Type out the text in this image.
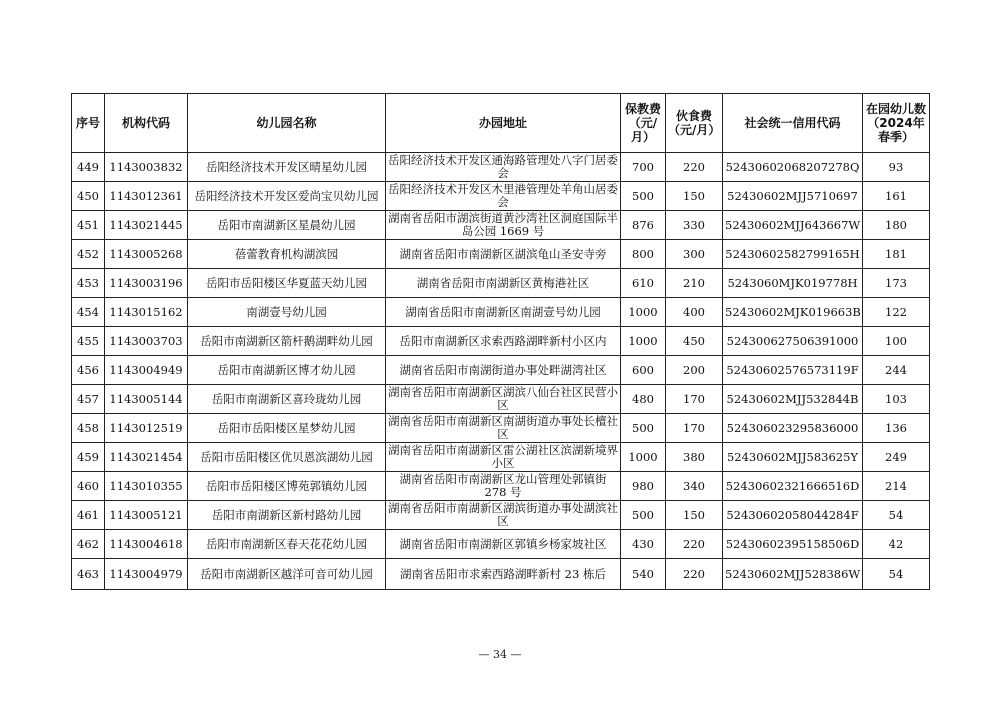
序号	机构代码	幼儿园名称	办园地址	保教费（元/月）	伙食费（元/月）	社会统一信用代码	在园幼儿数（2024年春季）
449	1143003832	岳阳经济技术开发区晴星幼儿园	岳阳经济技术开发区通海路管理处八字门居委会	700	220	52430602068207278Q	93
450	1143012361	岳阳经济技术开发区爱尚宝贝幼儿园	岳阳经济技术开发区木里港管理处羊角山居委会	500	150	52430602MJJ5710697	161
451	1143021445	岳阳市南湖新区星晨幼儿园	湖南省岳阳市湖滨街道黄沙湾社区洞庭国际半岛公园 1669 号	876	330	52430602MJJ643667W	180
452	1143005268	蓓蕾教育机构湖滨园	湖南省岳阳市南湖新区湖滨龟山圣安寺旁	800	300	52430602582799165H	181
453	1143003196	岳阳市岳阳楼区华夏蓝天幼儿园	湖南省岳阳市南湖新区黄梅港社区	610	210	5243060MJK019778H	173
454	1143015162	南湖壹号幼儿园	湖南省岳阳市南湖新区南湖壹号幼儿园	1000	400	52430602MJK019663B	122
455	1143003703	岳阳市南湖新区箭杆鹅湖畔幼儿园	岳阳市南湖新区求索西路湖畔新村小区内	1000	450	524300627506391000	100
456	1143004949	岳阳市南湖新区博才幼儿园	湖南省岳阳市南湖街道办事处畔湖湾社区	600	200	52430602576573119F	244
457	1143005144	岳阳市南湖新区喜玲珑幼儿园	湖南省岳阳市南湖新区湖滨八仙台社区民营小区	480	170	52430602MJJ532844B	103
458	1143012519	岳阳市岳阳楼区星梦幼儿园	湖南省岳阳市南湖新区南湖街道办事处长檀社区	500	170	524306023295836000	136
459	1143021454	岳阳市岳阳楼区优贝恩滨湖幼儿园	湖南省岳阳市南湖新区雷公湖社区滨湖新境界小区	1000	380	52430602MJJ583625Y	249
460	1143010355	岳阳市岳阳楼区博苑郭镇幼儿园	湖南省岳阳市南湖新区龙山管理处郭镇街 278 号	980	340	52430602321666516D	214
461	1143005121	岳阳市南湖新区新村路幼儿园	湖南省岳阳市南湖新区湖滨街道办事处湖滨社区	500	150	52430602058044284F	54
462	1143004618	岳阳市南湖新区春天花花幼儿园	湖南省岳阳市南湖新区郭镇乡杨家坡社区	430	220	52430602395158506D	42
463	1143004979	岳阳市南湖新区越洋可音可幼儿园	湖南省岳阳市求索西路湖畔新村 23 栋后	540	220	52430602MJJ528386W	54
— 34 —
